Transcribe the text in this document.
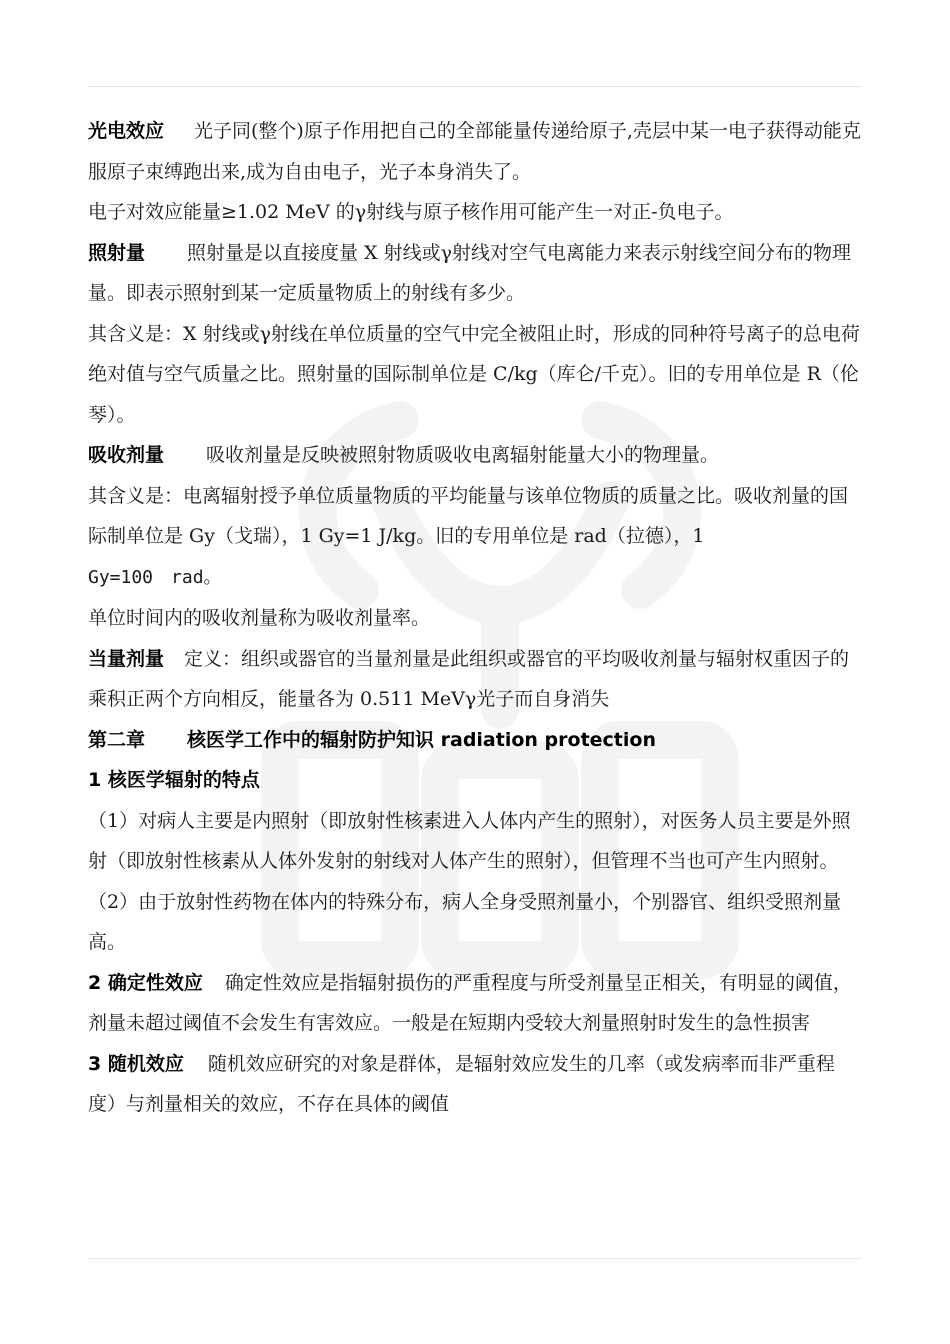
光电效应 光子同(整个)原子作用把自己的全部能量传递给原子,壳层中某一电子获得动能克服原子束缚跑出来,成为自由电子，光子本身消失了。

电子对效应能量≥1.02 MeV 的γ射线与原子核作用可能产生一对正-负电子。

照射量 照射量是以直接度量 X 射线或γ射线对空气电离能力来表示射线空间分布的物理量。即表示照射到某一定质量物质上的射线有多少。

其含义是：X 射线或γ射线在单位质量的空气中完全被阻止时，形成的同种符号离子的总电荷绝对值与空气质量之比。照射量的国际制单位是 C/kg（库仑/千克）。旧的专用单位是 R（伦琴）。

吸收剂量 吸收剂量是反映被照射物质吸收电离辐射能量大小的物理量。

其含义是：电离辐射授予单位质量物质的平均能量与该单位物质的质量之比。吸收剂量的国际制单位是 Gy（戈瑞），1 Gy=1 J/kg。旧的专用单位是 rad（拉德），1

Gy=100　rad。

单位时间内的吸收剂量称为吸收剂量率。

当量剂量 定义：组织或器官的当量剂量是此组织或器官的平均吸收剂量与辐射权重因子的乘积正两个方向相反，能量各为 0.511 MeVγ光子而自身消失

第二章 核医学工作中的辐射防护知识 radiation protection

1 核医学辐射的特点

（1）对病人主要是内照射（即放射性核素进入人体内产生的照射），对医务人员主要是外照射（即放射性核素从人体外发射的射线对人体产生的照射），但管理不当也可产生内照射。

（2）由于放射性药物在体内的特殊分布，病人全身受照剂量小，个别器官、组织受照剂量高。

2 确定性效应 确定性效应是指辐射损伤的严重程度与所受剂量呈正相关，有明显的阈值，剂量未超过阈值不会发生有害效应。一般是在短期内受较大剂量照射时发生的急性损害

3 随机效应 随机效应研究的对象是群体，是辐射效应发生的几率（或发病率而非严重程度）与剂量相关的效应，不存在具体的阈值
